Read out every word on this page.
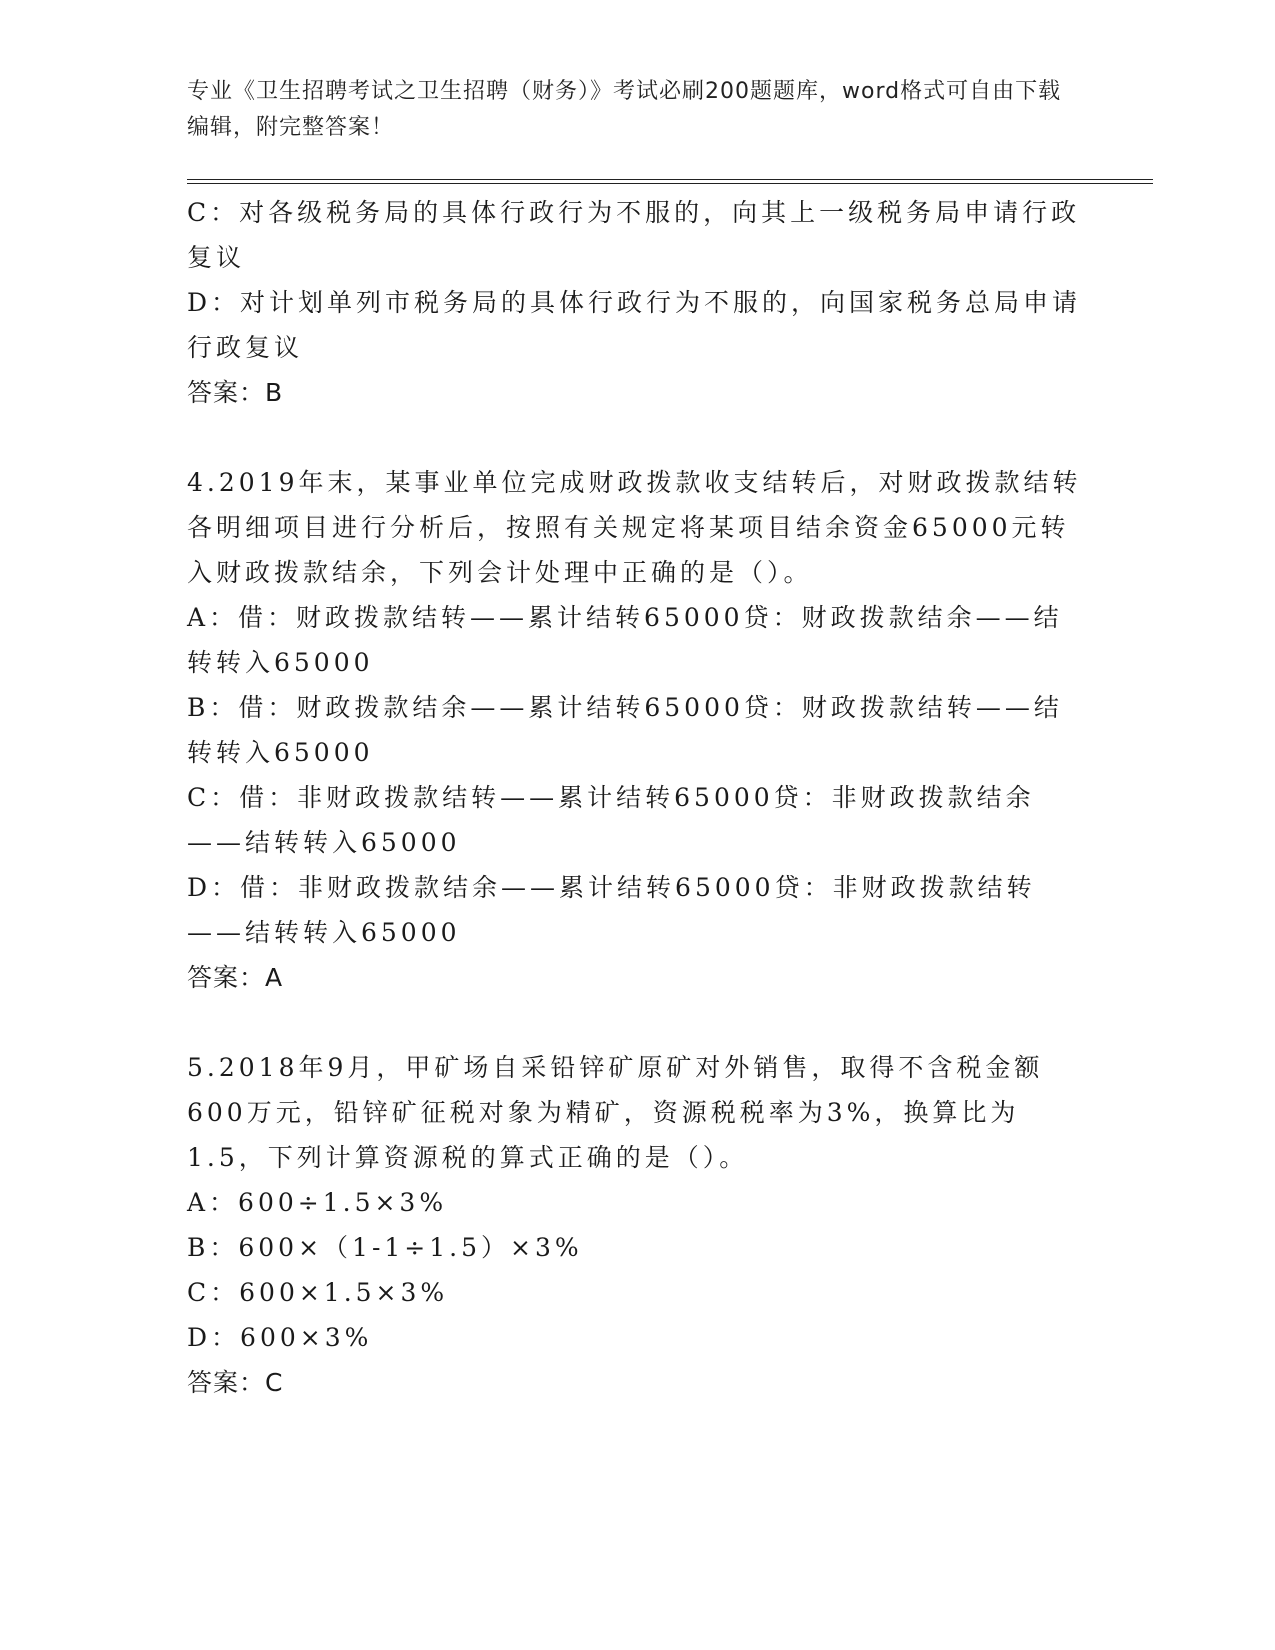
专业《卫生招聘考试之卫生招聘（财务）》考试必刷200题题库，word格式可自由下载编辑，附完整答案！

C：对各级税务局的具体行政行为不服的，向其上一级税务局申请行政复议

D：对计划单列市税务局的具体行政行为不服的，向国家税务总局申请行政复议

答案：B

4.2019年末，某事业单位完成财政拨款收支结转后，对财政拨款结转各明细项目进行分析后，按照有关规定将某项目结余资金65000元转入财政拨款结余，下列会计处理中正确的是（）。

A：借：财政拨款结转——累计结转65000贷：财政拨款结余——结转转入65000

B：借：财政拨款结余——累计结转65000贷：财政拨款结转——结转转入65000

C：借：非财政拨款结转——累计结转65000贷：非财政拨款结余——结转转入65000

D：借：非财政拨款结余——累计结转65000贷：非财政拨款结转——结转转入65000

答案：A

5.2018年9月，甲矿场自采铅锌矿原矿对外销售，取得不含税金额600万元，铅锌矿征税对象为精矿，资源税税率为3%，换算比为1.5，下列计算资源税的算式正确的是（）。

A：600÷1.5×3%

B：600×（1-1÷1.5）×3%

C：600×1.5×3%

D：600×3%

答案：C
